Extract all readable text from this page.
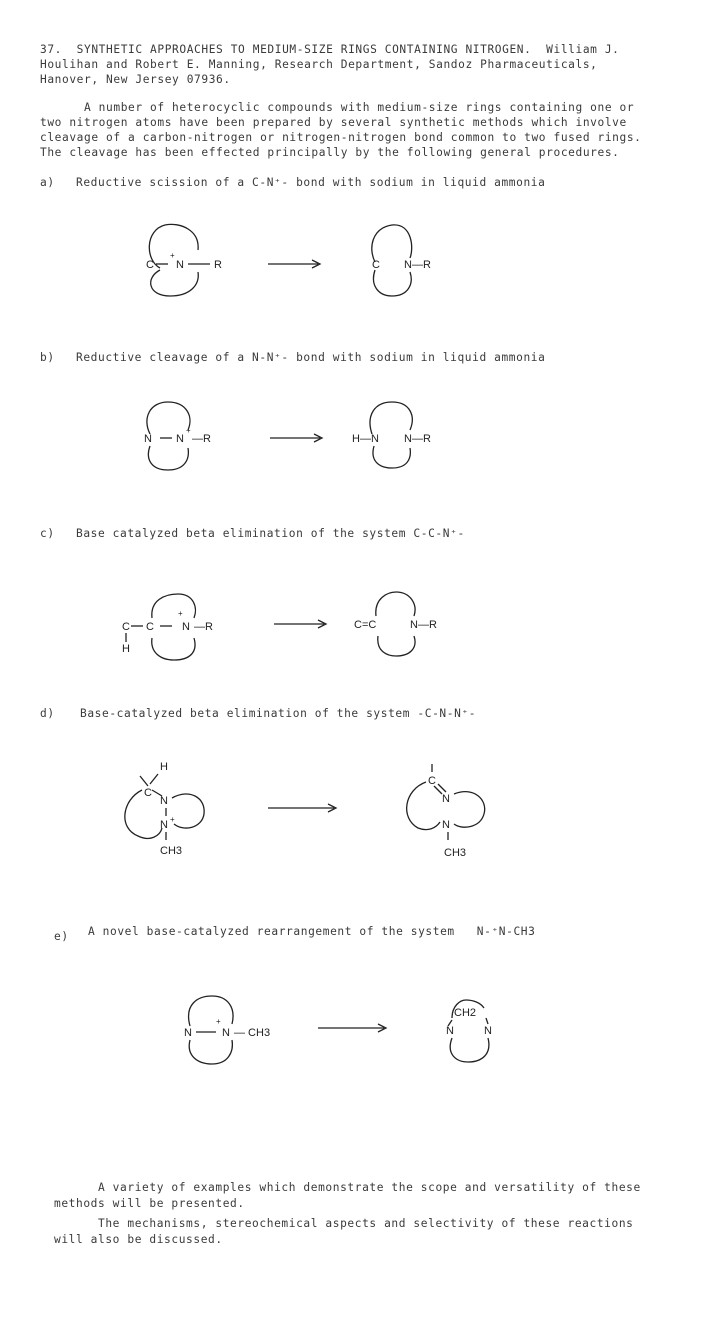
37.  SYNTHETIC APPROACHES TO MEDIUM-SIZE RINGS CONTAINING NITROGEN.  William J.
Houlihan and Robert E. Manning, Research Department, Sandoz Pharmaceuticals,
Hanover, New Jersey 07936.
A number of heterocyclic compounds with medium-size rings containing one or
two nitrogen atoms have been prepared by several synthetic methods which involve
cleavage of a carbon-nitrogen or nitrogen-nitrogen bond common to two fused rings.
The cleavage has been effected principally by the following general procedures.
a) Reductive scission of a C-N⁺- bond with sodium in liquid ammonia
C
+
N	R	C N—R
b) Reductive cleavage of a N-N⁺- bond with sodium in liquid ammonia
N N
+
—R	H—N N—R
c) Base catalyzed beta elimination of the system C-C-N⁺-
C C
H
+
N —R	C=C	N—R
d) Base-catalyzed beta elimination of the system -C-N-N⁺-
H
C
N
N +
CH3
C
N
N
CH3
e) A novel base-catalyzed rearrangement of the system   N-⁺N-CH3
N
+
N — CH3
CH2
N	N
A variety of examples which demonstrate the scope and versatility of these
methods will be presented.
The mechanisms, stereochemical aspects and selectivity of these reactions
will also be discussed.
